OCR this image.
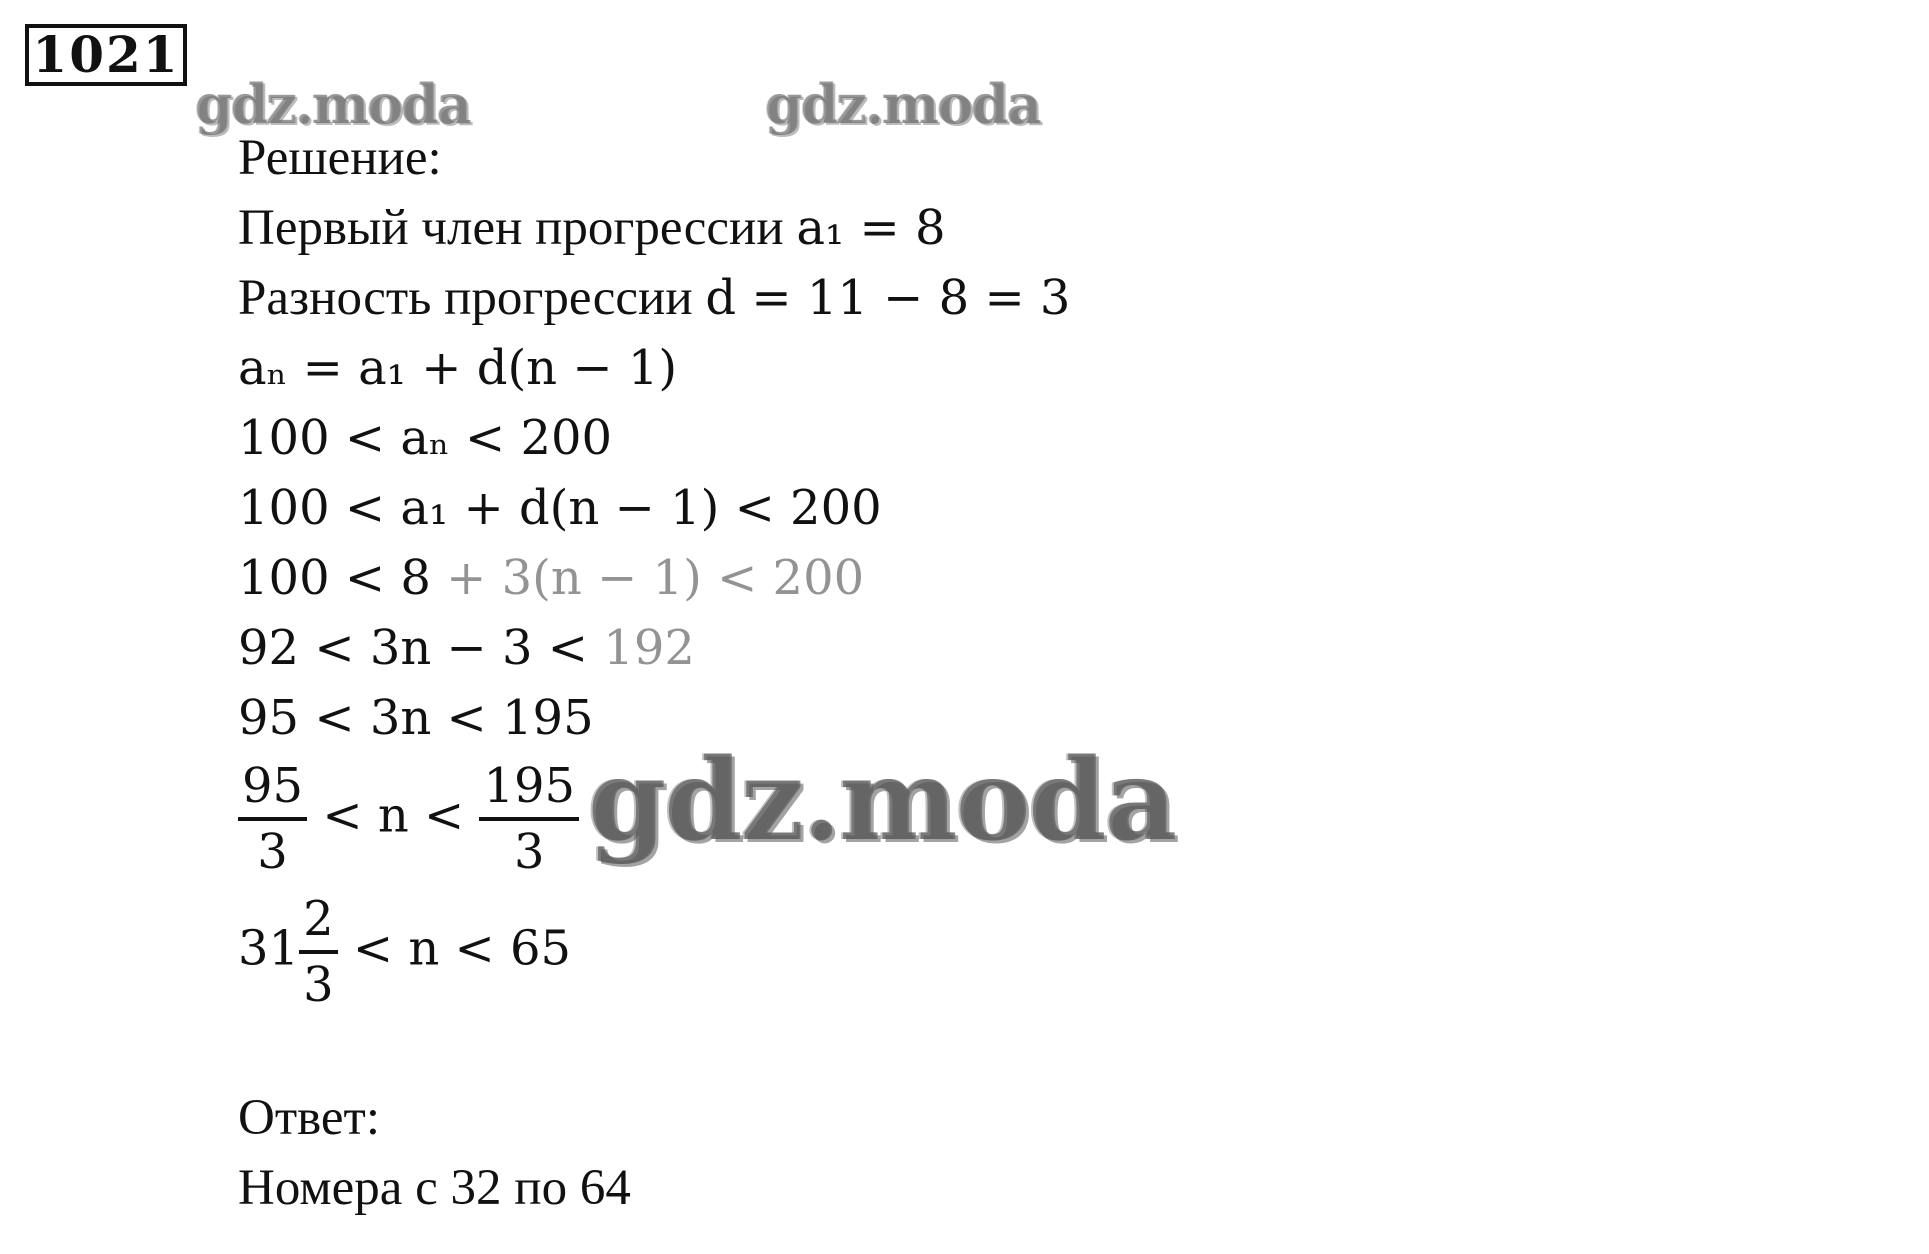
1021
gdz.moda	gdz.moda
Решение:
Первый член прогрессии a₁ = 8
Разность прогрессии d = 11 − 8 = 3
aₙ = a₁ + d(n − 1)
100 < aₙ < 200
100 < a₁ + d(n − 1) < 200
100 < 8 + 3(n − 1) < 200
92 < 3n − 3 < 192
95 < 3n < 195
$\frac{95}{3} < n < \frac{195}{3}$
$31 \frac{2}{3} < n < 65$
Ответ:
Номера с 32 по 64
gdz.moda
